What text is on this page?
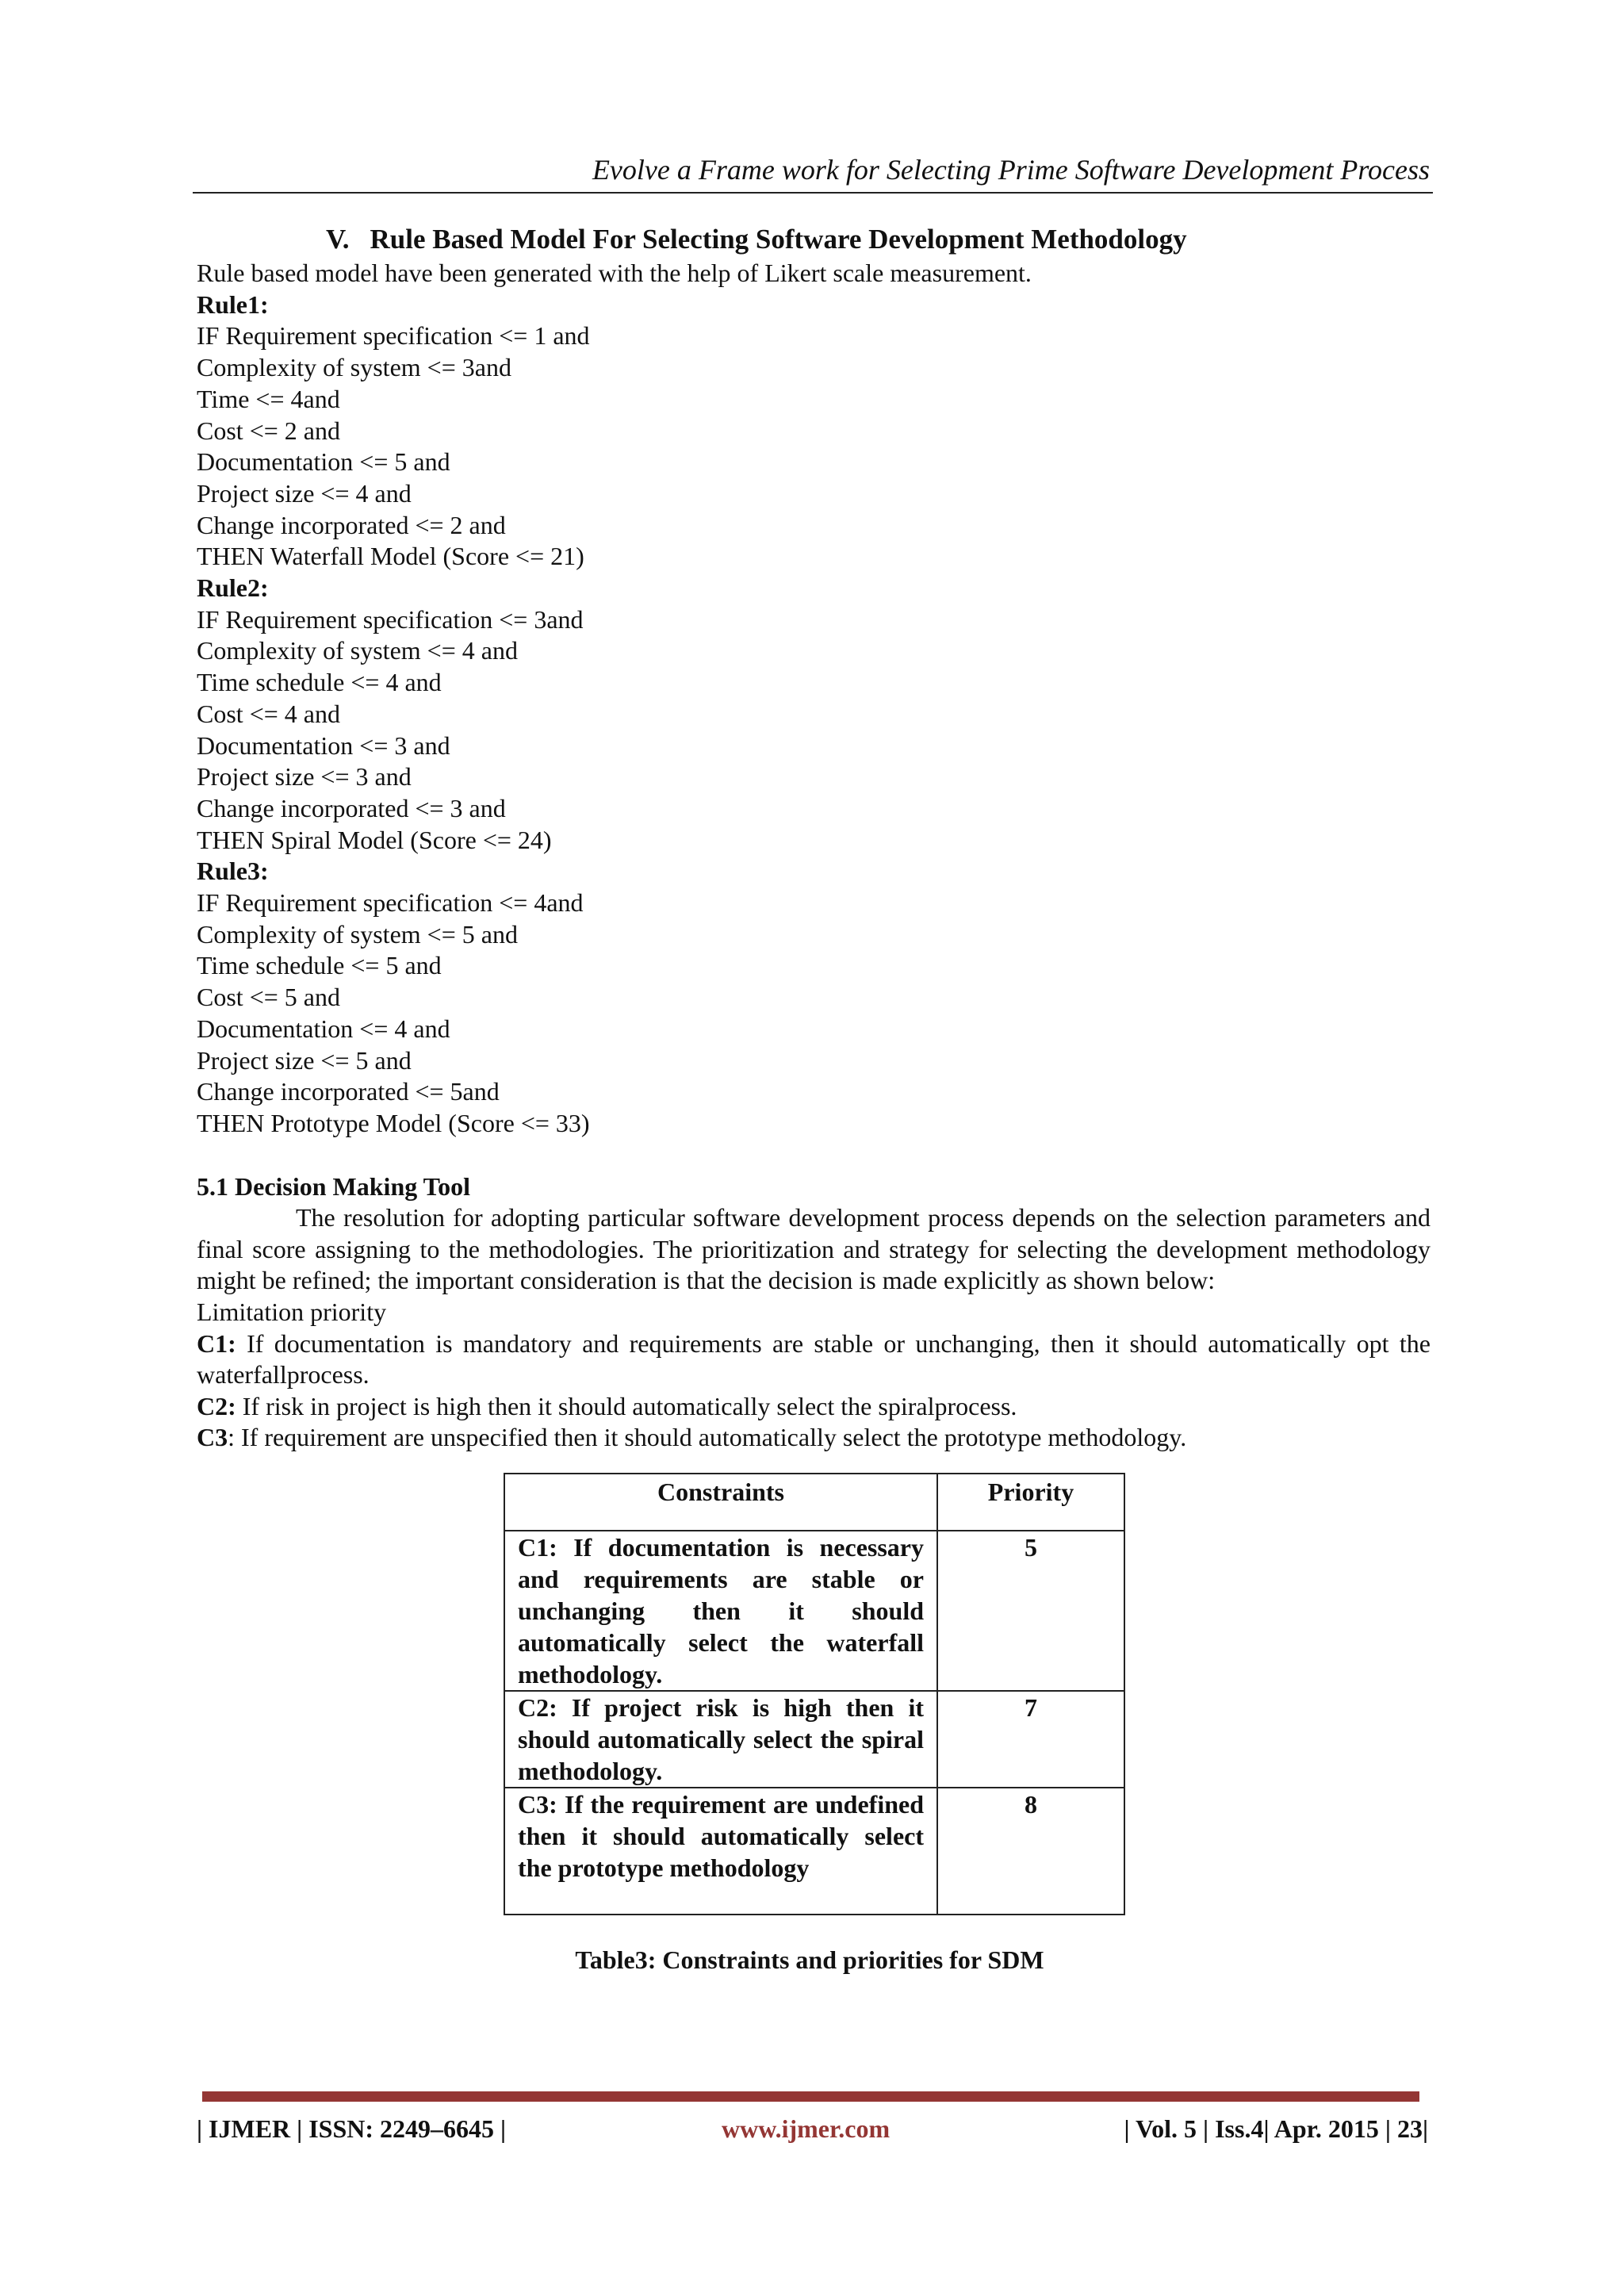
Evolve a Frame work for Selecting Prime Software Development Process
V. Rule Based Model For Selecting Software Development Methodology
Rule based model have been generated with the help of Likert scale measurement.
Rule1:
IF Requirement specification <= 1 and
Complexity of system <= 3and
Time <= 4and
Cost <= 2 and
Documentation <= 5 and
Project size <= 4 and
Change incorporated <= 2 and
THEN Waterfall Model (Score <= 21)
Rule2:
IF Requirement specification <= 3and
Complexity of system <= 4 and
Time schedule <= 4 and
Cost <= 4 and
Documentation <= 3 and
Project size <= 3 and
Change incorporated <= 3 and
THEN Spiral Model (Score <= 24)
Rule3:
IF Requirement specification <= 4and
Complexity of system <= 5 and
Time schedule <= 5 and
Cost <= 5 and
Documentation <= 4 and
Project size <= 5 and
Change incorporated <= 5and
THEN Prototype Model (Score <= 33)
5.1 Decision Making Tool
The resolution for adopting particular software development process depends on the selection parameters and final score assigning to the methodologies. The prioritization and strategy for selecting the development methodology might be refined; the important consideration is that the decision is made explicitly as shown below:
Limitation priority
C1: If documentation is mandatory and requirements are stable or unchanging, then it should automatically opt the waterfallprocess.
C2: If risk in project is high then it should automatically select the spiralprocess.
C3: If requirement are unspecified then it should automatically select the prototype methodology.
Constraints	Priority
C1: If documentation is necessary and requirements are stable or unchanging then it should automatically select the waterfall methodology.	5
C2: If project risk is high then it should automatically select the spiral methodology.	7
C3: If the requirement are undefined then it should automatically select the prototype methodology	8
Table3: Constraints and priorities for SDM
| IJMER | ISSN: 2249–6645 |	www.ijmer.com	| Vol. 5 | Iss.4| Apr. 2015 | 23|
